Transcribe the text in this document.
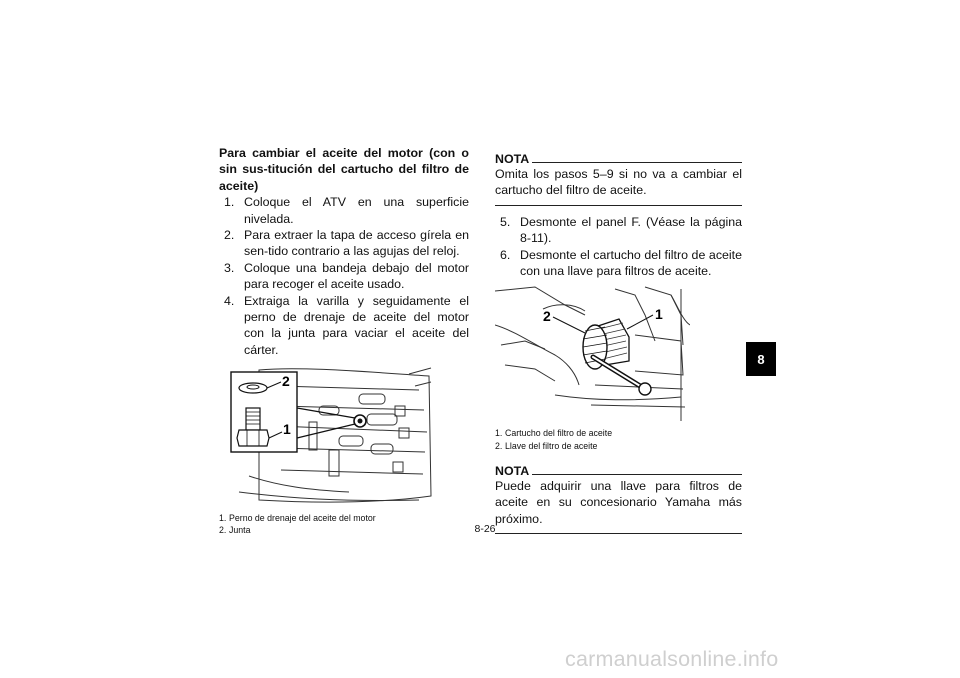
Para cambiar el aceite del motor (con o sin sus-titución del cartucho del filtro de aceite)

1. Coloque el ATV en una superficie nivelada.
2. Para extraer la tapa de acceso gírela en sen-tido contrario a las agujas del reloj.
3. Coloque una bandeja debajo del motor para recoger el aceite usado.
4. Extraiga la varilla y seguidamente el perno de drenaje de aceite del motor con la junta para vaciar el aceite del cárter.
2
1
1. Perno de drenaje del aceite del motor
2. Junta
NOTA

Omita los pasos 5–9 si no va a cambiar el cartucho del filtro de aceite.

5. Desmonte el panel F. (Véase la página 8-11).
6. Desmonte el cartucho del filtro de aceite con una llave para filtros de aceite.
2	1
1. Cartucho del filtro de aceite
2. Llave del filtro de aceite
NOTA

Puede adquirir una llave para filtros de aceite en su concesionario Yamaha más próximo.

8-26
8
carmanualsonline.info
